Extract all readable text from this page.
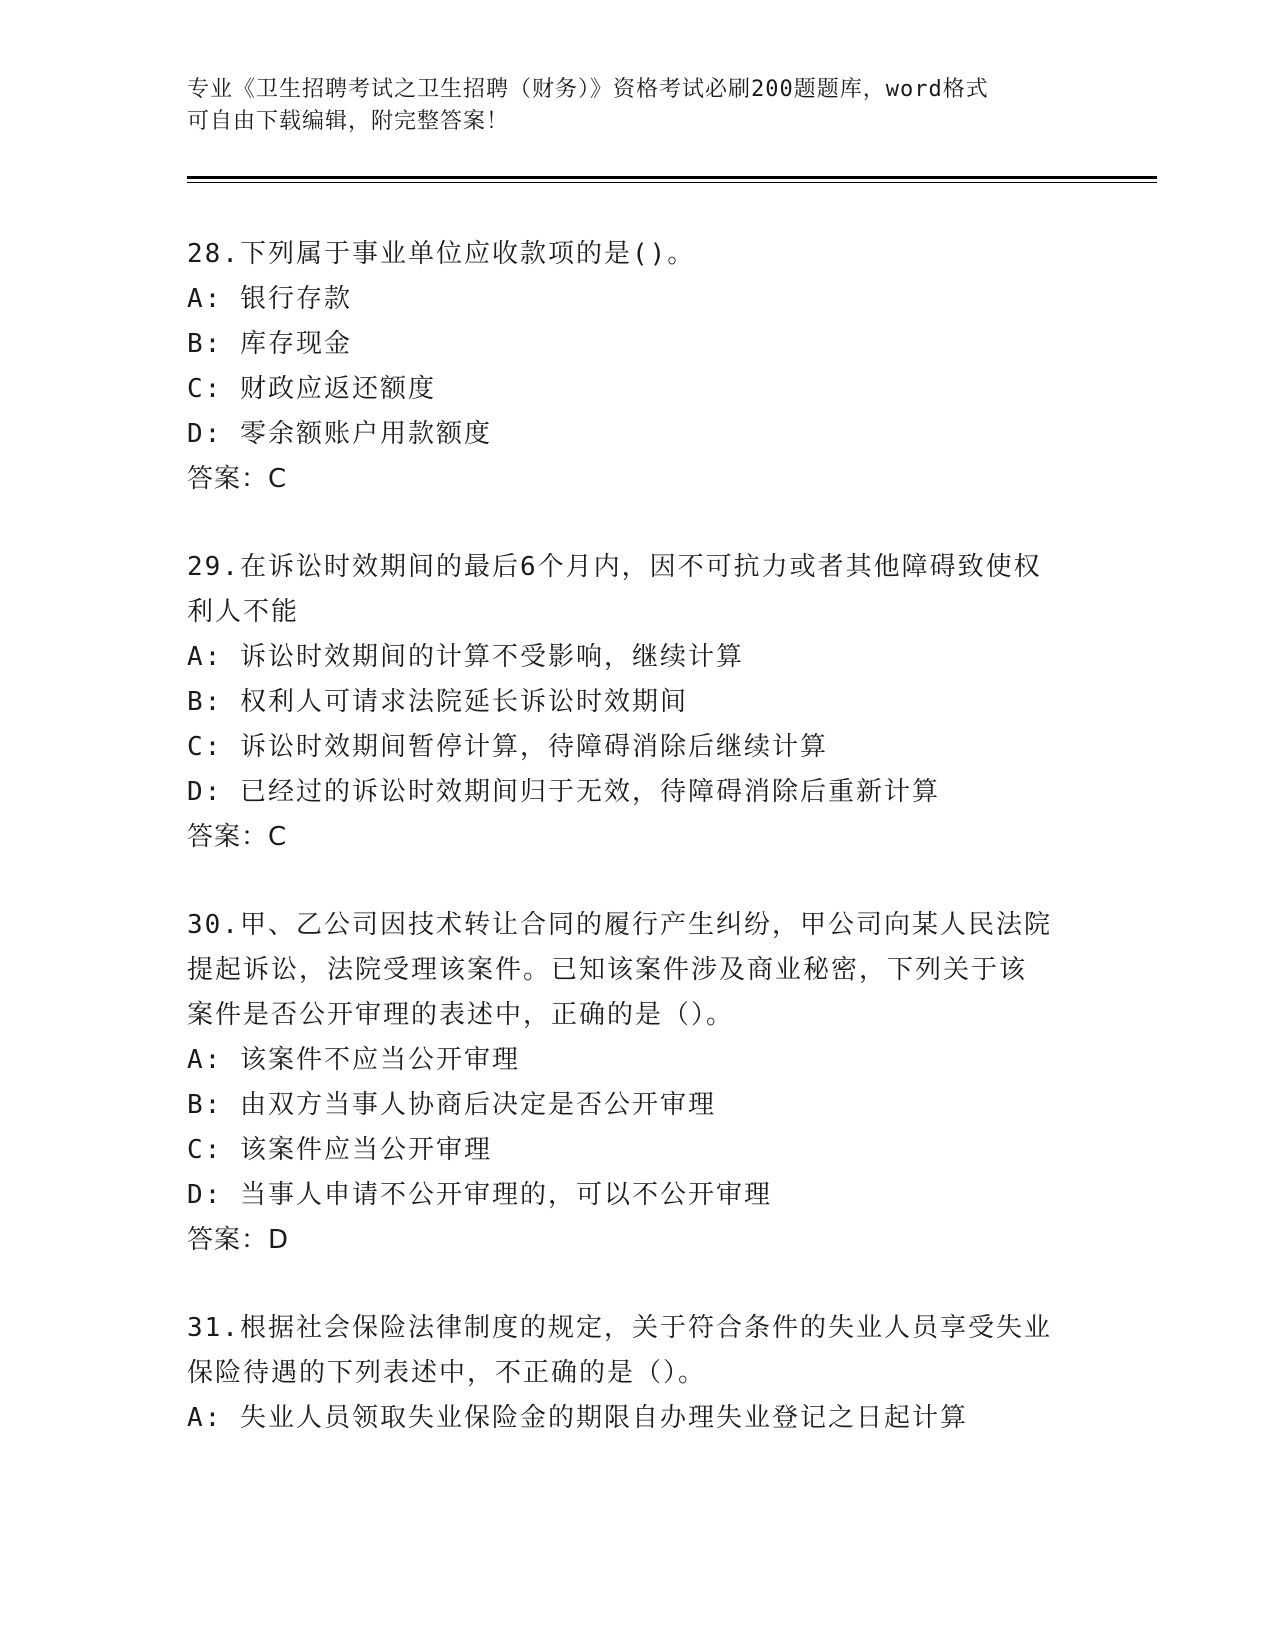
专业《卫生招聘考试之卫生招聘（财务）》资格考试必刷200题题库，word格式
可自由下载编辑，附完整答案！
28.下列属于事业单位应收款项的是()。
A: 银行存款
B: 库存现金
C: 财政应返还额度
D: 零余额账户用款额度
答案：C
29.在诉讼时效期间的最后6个月内，因不可抗力或者其他障碍致使权
利人不能
A: 诉讼时效期间的计算不受影响，继续计算
B: 权利人可请求法院延长诉讼时效期间
C: 诉讼时效期间暂停计算，待障碍消除后继续计算
D: 已经过的诉讼时效期间归于无效，待障碍消除后重新计算
答案：C
30.甲、乙公司因技术转让合同的履行产生纠纷，甲公司向某人民法院
提起诉讼，法院受理该案件。已知该案件涉及商业秘密，下列关于该
案件是否公开审理的表述中，正确的是（）。
A: 该案件不应当公开审理
B: 由双方当事人协商后决定是否公开审理
C: 该案件应当公开审理
D: 当事人申请不公开审理的，可以不公开审理
答案：D
31.根据社会保险法律制度的规定，关于符合条件的失业人员享受失业
保险待遇的下列表述中，不正确的是（）。
A: 失业人员领取失业保险金的期限自办理失业登记之日起计算
